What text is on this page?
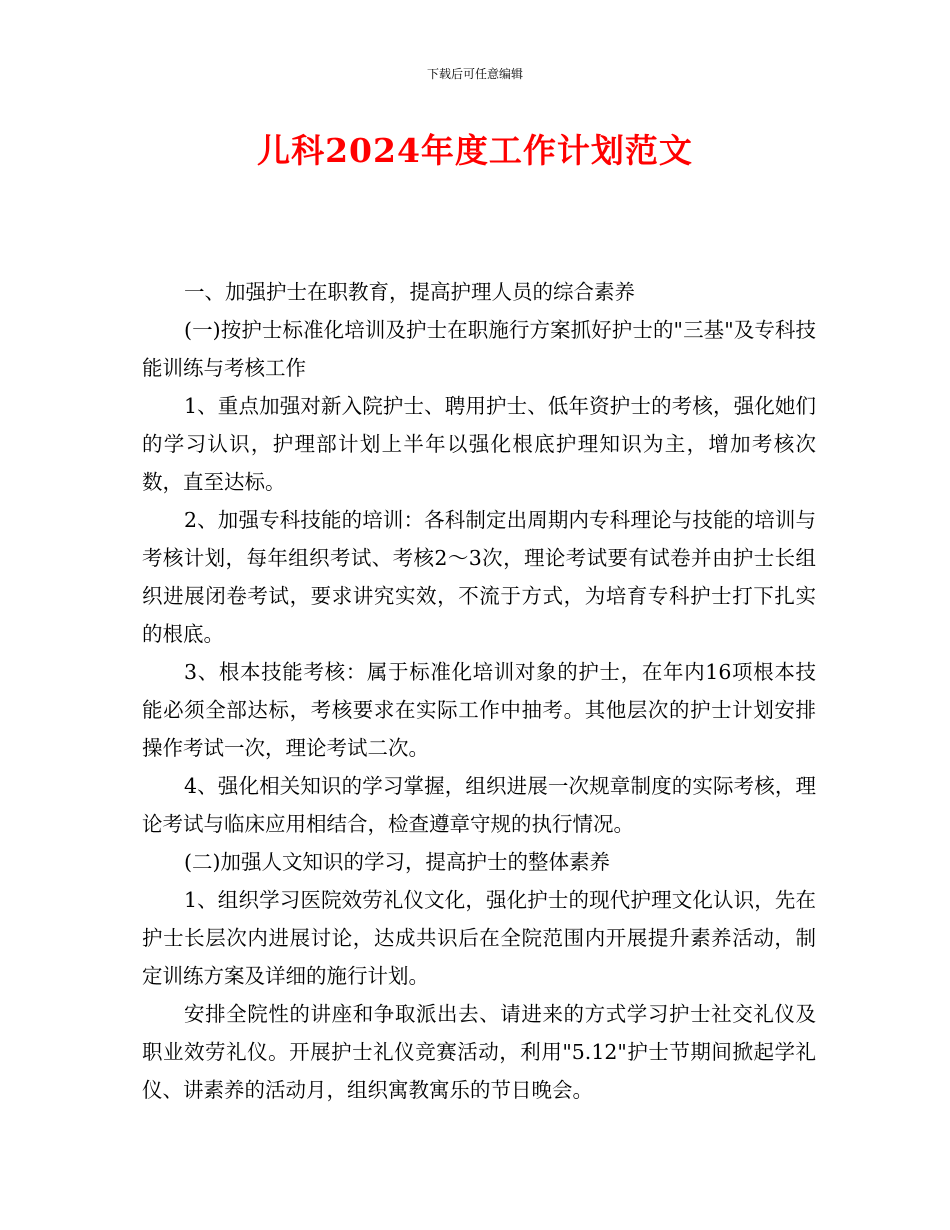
下载后可任意编辑
儿科2024年度工作计划范文

一、加强护士在职教育，提高护理人员的综合素养

(一)按护士标准化培训及护士在职施行方案抓好护士的"三基"及专科技能训练与考核工作

1、重点加强对新入院护士、聘用护士、低年资护士的考核，强化她们的学习认识，护理部计划上半年以强化根底护理知识为主，增加考核次数，直至达标。

2、加强专科技能的培训：各科制定出周期内专科理论与技能的培训与考核计划，每年组织考试、考核2～3次，理论考试要有试卷并由护士长组织进展闭卷考试，要求讲究实效，不流于方式，为培育专科护士打下扎实的根底。

3、根本技能考核：属于标准化培训对象的护士，在年内16项根本技能必须全部达标，考核要求在实际工作中抽考。其他层次的护士计划安排操作考试一次，理论考试二次。

4、强化相关知识的学习掌握，组织进展一次规章制度的实际考核，理论考试与临床应用相结合，检查遵章守规的执行情况。

(二)加强人文知识的学习，提高护士的整体素养

1、组织学习医院效劳礼仪文化，强化护士的现代护理文化认识，先在护士长层次内进展讨论，达成共识后在全院范围内开展提升素养活动，制定训练方案及详细的施行计划。

安排全院性的讲座和争取派出去、请进来的方式学习护士社交礼仪及职业效劳礼仪。开展护士礼仪竞赛活动，利用"5.12"护士节期间掀起学礼仪、讲素养的活动月，组织寓教寓乐的节日晚会。
